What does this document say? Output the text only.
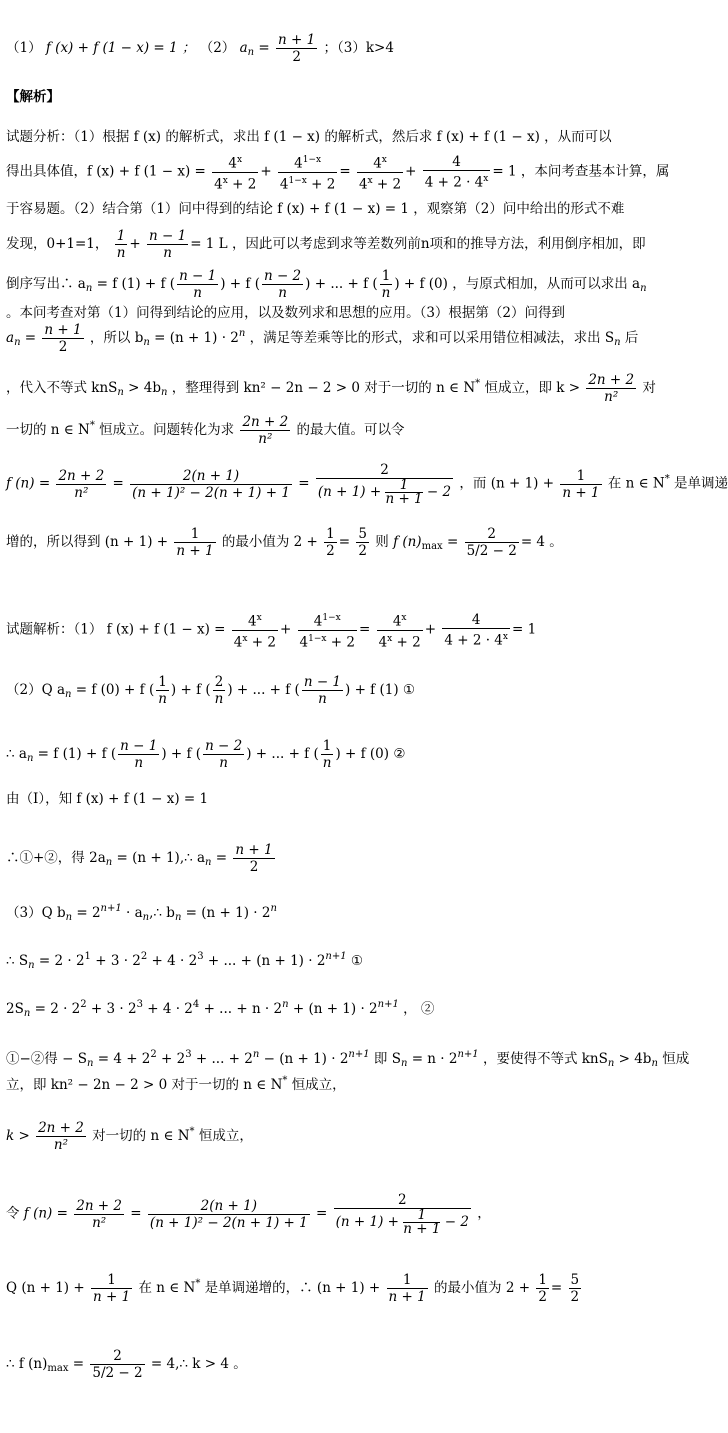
（1） f (x) + f (1 − x) = 1 ； （2） $a_n = \frac{n + 1}{2}$ ；（3）k>4
【解析】
试题分析：（1）根据 f (x) 的解析式，求出 f (1 − x) 的解析式，然后求 f (x) + f (1 − x) ，从而可以
得出具体值，f (x) + f $(1 - x) = \frac{4^x}{4^x + 2} + \frac{4^{1-x}}{4^{1-x} + 2} = \frac{4^x}{4^x + 2} + \frac{4}{4 + 2 \cdot 4^x} = 1$ ，本问考查基本计算，属
于容易题。（2）结合第（1）问中得到的结论 f (x) + f (1 − x) = 1 ，观察第（2）问中给出的形式不难
发现，0+1=1， $\frac{1}{n} + \frac{n - 1}{n} = 1$ L ，因此可以考虑到求等差数列前n项和的推导方法，利用倒序相加，即
倒序写出∴ $a_n = f$ (1) + f ( $\frac{n - 1}{n}$ ) + f ( $\frac{n - 2}{n}$ ) + ... + f ( $\frac{1}{n}$ ) + f (0) ，与原式相加，从而可以求出 $a_n$
。本问考查对第（1）问得到结论的应用，以及数列求和思想的应用。（3）根据第（2）问得到
$a_n = \frac{n + 1}{2}$ ，所以 $b_n = (n + 1) \cdot 2^n$ ，满足等差乘等比的形式，求和可以采用错位相减法，求出 $S_n$ 后
，代入不等式 $knS_n > 4b_n$ ，整理得到 kn² − 2n − 2 > 0 对于一切的 n ∈ N* 恒成立，即 $k > \frac{2n + 2}{\text{n²}}$ 对
一切的 n ∈ N* 恒成立。问题转化为求 $\frac{2n + 2}{\text{n²}}$ 的最大值。可以令
f $(n) = \frac{2n + 2}{\text{n²}} = \frac{2(n + 1)}{\text{(n + 1)² − 2(n + 1) + 1}} = \frac{2}{(n + 1) + \frac{1}{n + 1} - 2}$ ，而 $(n + 1) + \frac{1}{n + 1}$ 在 n ∈ N* 是单调递
增的，所以得到 $(n + 1) + \frac{1}{n + 1}$ 的最小值为 $2 + \frac{1}{2} = \frac{5}{2}$ 则 f $(n)_{max} = \frac{2}{5/2 - 2} = 4$ 。
试题解析：（1） f (x) + f $(1 - x) = \frac{4^x}{4^x + 2} + \frac{4^{1-x}}{4^{1-x} + 2} = \frac{4^x}{4^x + 2} + \frac{4}{4 + 2 \cdot 4^x} = 1$
（2）Q $a_n = f$ (0) + f ( $\frac{1}{n}$ ) + f ( $\frac{2}{n}$ ) + ... + f ( $\frac{n - 1}{n}$ ) + f (1) ①
∴ $a_n = f$ (1) + f ( $\frac{n - 1}{n}$ ) + f ( $\frac{n - 2}{n}$ ) + ... + f ( $\frac{1}{n}$ ) + f (0) ②
由（I），知 f (x) + f (1 − x) = 1
∴①+②，得 $2a_n = (n$ + 1),∴ $a_n = \frac{n + 1}{2}$
（3）Q $b_n = 2^{n+1}$ · $a_n,\therefore$ $b_n = (n + 1) \cdot 2^n$
∴ $S_n = 2 \cdot 2^1 + 3 \cdot 2^2 + 4 \cdot 2^3$ + ... + $(n + 1) \cdot 2^{n+1}$ ①
$2S_n = 2 \cdot 2^2 + 3 \cdot 2^3 + 4 \cdot 2^4$ + ... + $n \cdot 2^n + (n + 1) \cdot 2^{n+1}$ ， ②
①−②得 − $S_n = 4 + 2^2 + 2^3$ + ... + $2^n - (n + 1) \cdot 2^{n+1}$ 即 $S_n = n \cdot 2^{n+1}$ ，要使得不等式 $knS_n > 4b_n$ 恒成
立，即 kn² − 2n − 2 > 0 对于一切的 n ∈ N* 恒成立，
$k > \frac{2n + 2}{\text{n²}}$ 对一切的 n ∈ N* 恒成立，
令 f $(n) = \frac{2n + 2}{\text{n²}} = \frac{2(n + 1)}{\text{(n + 1)² − 2(n + 1) + 1}} = \frac{2}{(n + 1) + \frac{1}{n + 1} - 2}$ ，
Q $(n + 1) + \frac{1}{n + 1}$ 在 n ∈ N* 是单调递增的，∴ $(n + 1) + \frac{1}{n + 1}$ 的最小值为 $2 + \frac{1}{2} = \frac{5}{2}$
∴ f $(n)_{max} = \frac{2}{5/2 - 2}$ = 4,∴ k > 4 。
